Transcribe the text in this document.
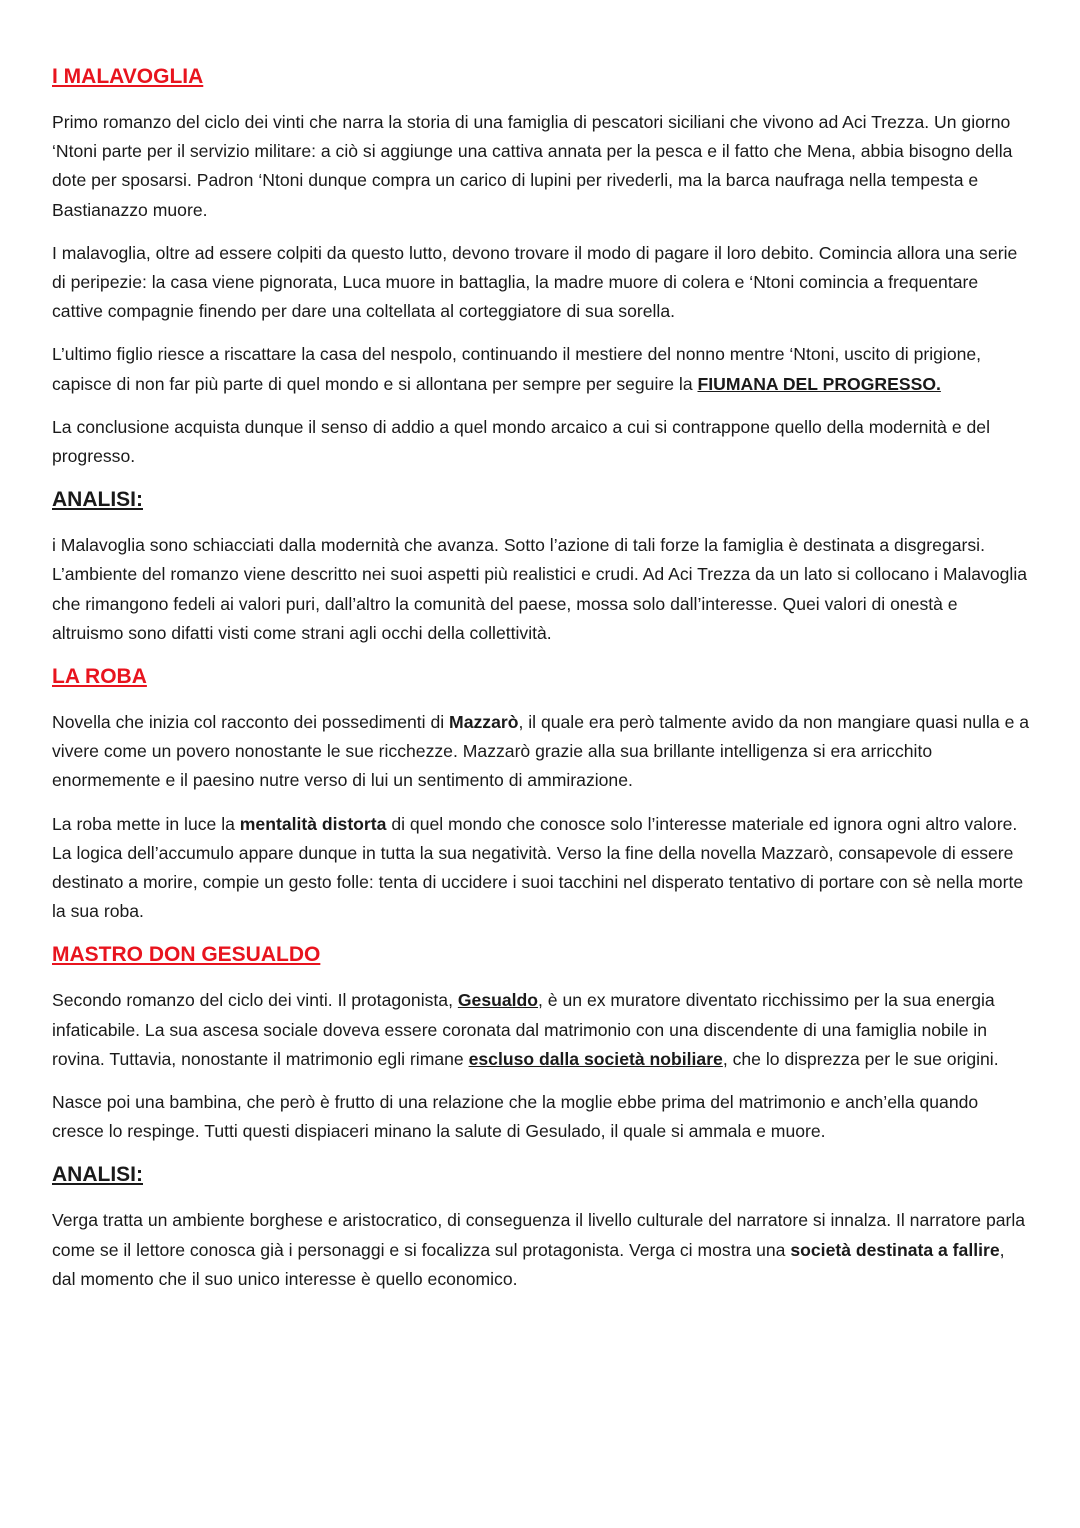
I MALAVOGLIA

Primo romanzo del ciclo dei vinti che narra la storia di una famiglia di pescatori siciliani che vivono ad Aci Trezza. Un giorno ‘Ntoni parte per il servizio militare: a ciò si aggiunge una cattiva annata per la pesca e il fatto che Mena, abbia bisogno della dote per sposarsi. Padron ‘Ntoni dunque compra un carico di lupini per rivederli, ma la barca naufraga nella tempesta e Bastianazzo muore.

I malavoglia, oltre ad essere colpiti da questo lutto, devono trovare il modo di pagare il loro debito. Comincia allora una serie di peripezie: la casa viene pignorata, Luca muore in battaglia, la madre muore di colera e ‘Ntoni comincia a frequentare cattive compagnie finendo per dare una coltellata al corteggiatore di sua sorella.

L’ultimo figlio riesce a riscattare la casa del nespolo, continuando il mestiere del nonno mentre ‘Ntoni, uscito di prigione, capisce di non far più parte di quel mondo e si allontana per sempre per seguire la FIUMANA DEL PROGRESSO.

La conclusione acquista dunque il senso di addio a quel mondo arcaico a cui si contrappone quello della modernità e del progresso.

ANALISI:

i Malavoglia sono schiacciati dalla modernità che avanza. Sotto l’azione di tali forze la famiglia è destinata a disgregarsi. L’ambiente del romanzo viene descritto nei suoi aspetti più realistici e crudi. Ad Aci Trezza da un lato si collocano i Malavoglia che rimangono fedeli ai valori puri, dall’altro la comunità del paese, mossa solo dall’interesse. Quei valori di onestà e altruismo sono difatti visti come strani agli occhi della collettività.

LA ROBA

Novella che inizia col racconto dei possedimenti di Mazzarò, il quale era però talmente avido da non mangiare quasi nulla e a vivere come un povero nonostante le sue ricchezze. Mazzarò grazie alla sua brillante intelligenza si era arricchito enormemente e il paesino nutre verso di lui un sentimento di ammirazione.

La roba mette in luce la mentalità distorta di quel mondo che conosce solo l’interesse materiale ed ignora ogni altro valore. La logica dell’accumulo appare dunque in tutta la sua negatività. Verso la fine della novella Mazzarò, consapevole di essere destinato a morire, compie un gesto folle: tenta di uccidere i suoi tacchini nel disperato tentativo di portare con sè nella morte la sua roba.

MASTRO DON GESUALDO

Secondo romanzo del ciclo dei vinti. Il protagonista, Gesualdo, è un ex muratore diventato ricchissimo per la sua energia infaticabile. La sua ascesa sociale doveva essere coronata dal matrimonio con una discendente di una famiglia nobile in rovina. Tuttavia, nonostante il matrimonio egli rimane escluso dalla società nobiliare, che lo disprezza per le sue origini.

Nasce poi una bambina, che però è frutto di una relazione che la moglie ebbe prima del matrimonio e anch’ella quando cresce lo respinge. Tutti questi dispiaceri minano la salute di Gesulado, il quale si ammala e muore.

ANALISI:

Verga tratta un ambiente borghese e aristocratico, di conseguenza il livello culturale del narratore si innalza. Il narratore parla come se il lettore conosca già i personaggi e si focalizza sul protagonista. Verga ci mostra una società destinata a fallire, dal momento che il suo unico interesse è quello economico.
